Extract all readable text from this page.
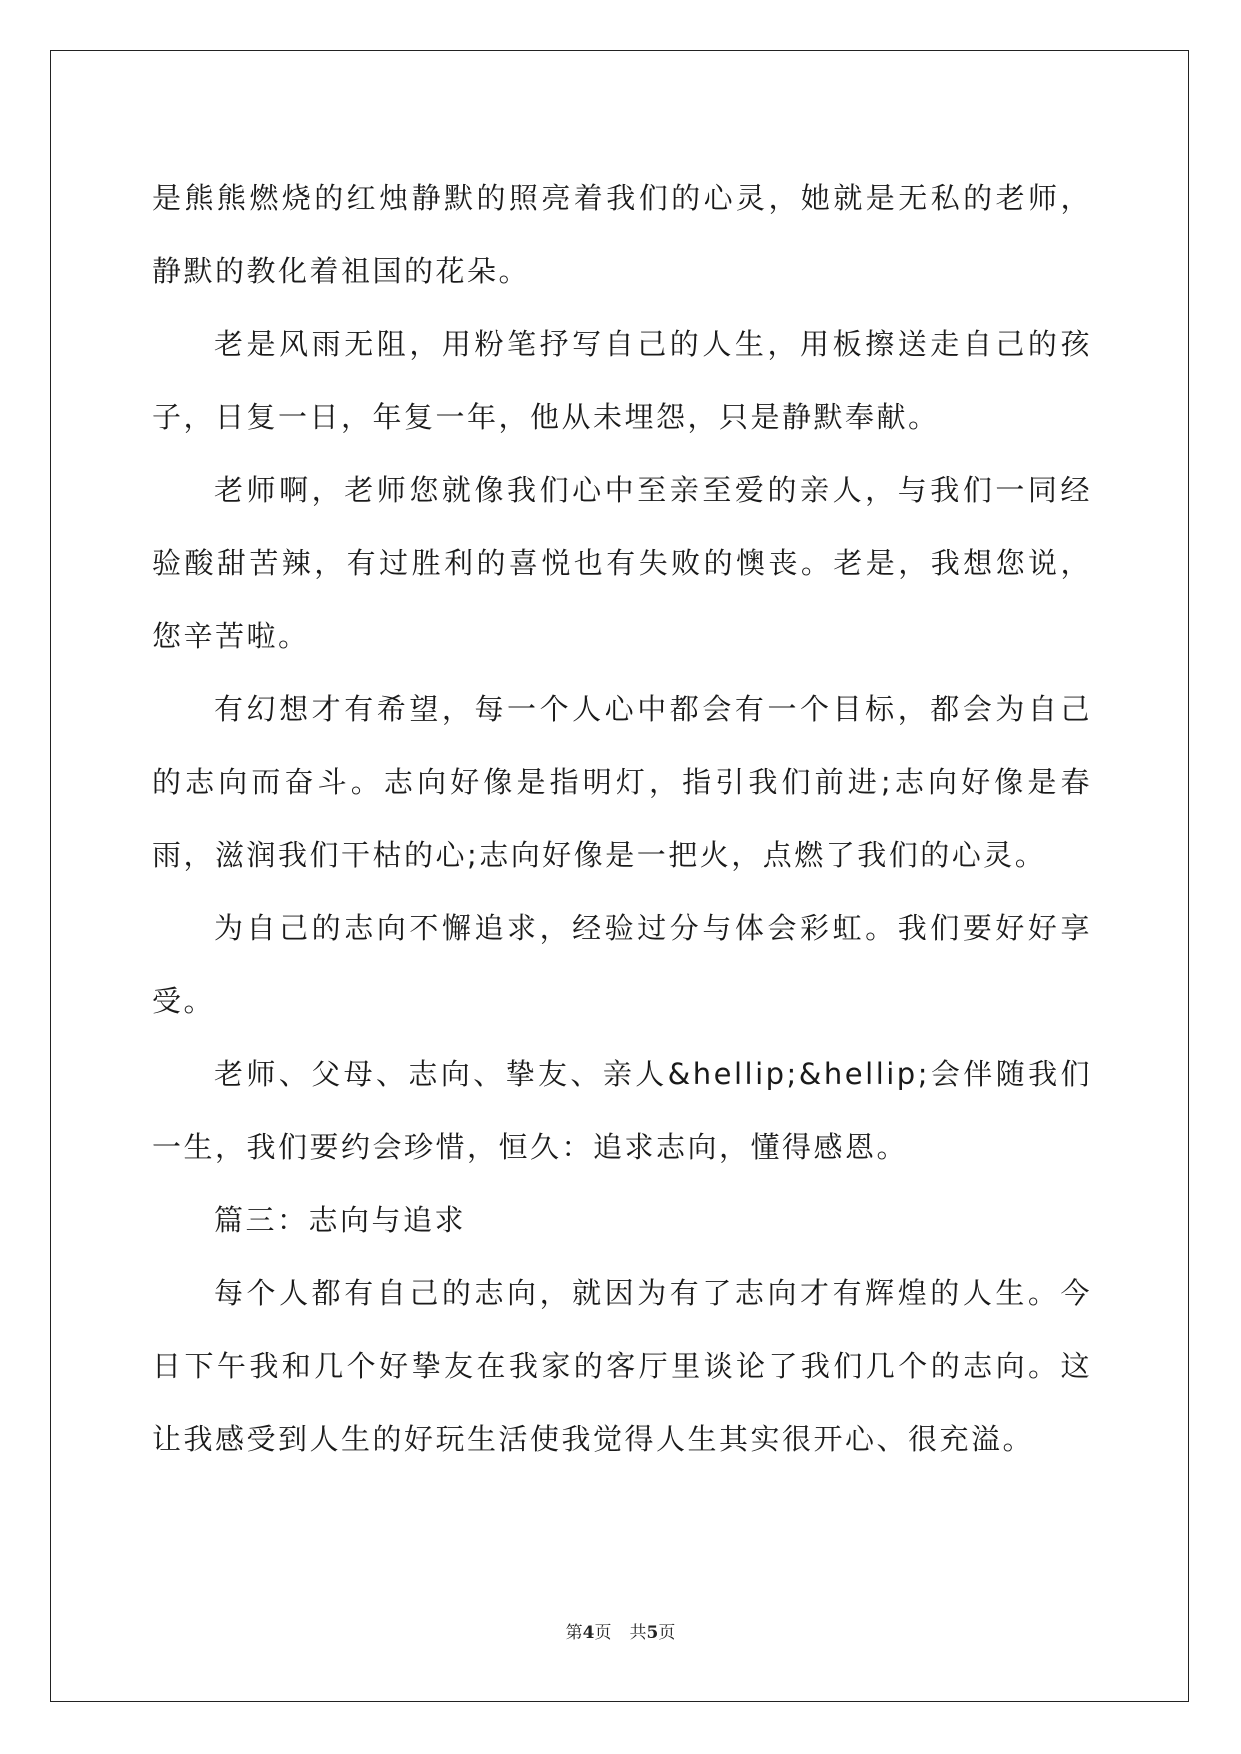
是熊熊燃烧的红烛静默的照亮着我们的心灵，她就是无私的老师，静默的教化着祖国的花朵。

老是风雨无阻，用粉笔抒写自己的人生，用板擦送走自己的孩子，日复一日，年复一年，他从未埋怨，只是静默奉献。

老师啊，老师您就像我们心中至亲至爱的亲人，与我们一同经验酸甜苦辣，有过胜利的喜悦也有失败的懊丧。老是，我想您说，您辛苦啦。

有幻想才有希望，每一个人心中都会有一个目标，都会为自己的志向而奋斗。志向好像是指明灯，指引我们前进;志向好像是春雨，滋润我们干枯的心;志向好像是一把火，点燃了我们的心灵。

为自己的志向不懈追求，经验过分与体会彩虹。我们要好好享受。

老师、父母、志向、挚友、亲人&hellip;&hellip;会伴随我们一生，我们要约会珍惜，恒久：追求志向，懂得感恩。

篇三：志向与追求

每个人都有自己的志向，就因为有了志向才有辉煌的人生。今日下午我和几个好挚友在我家的客厅里谈论了我们几个的志向。这让我感受到人生的好玩生活使我觉得人生其实很开心、很充溢。

第4页 共5页
